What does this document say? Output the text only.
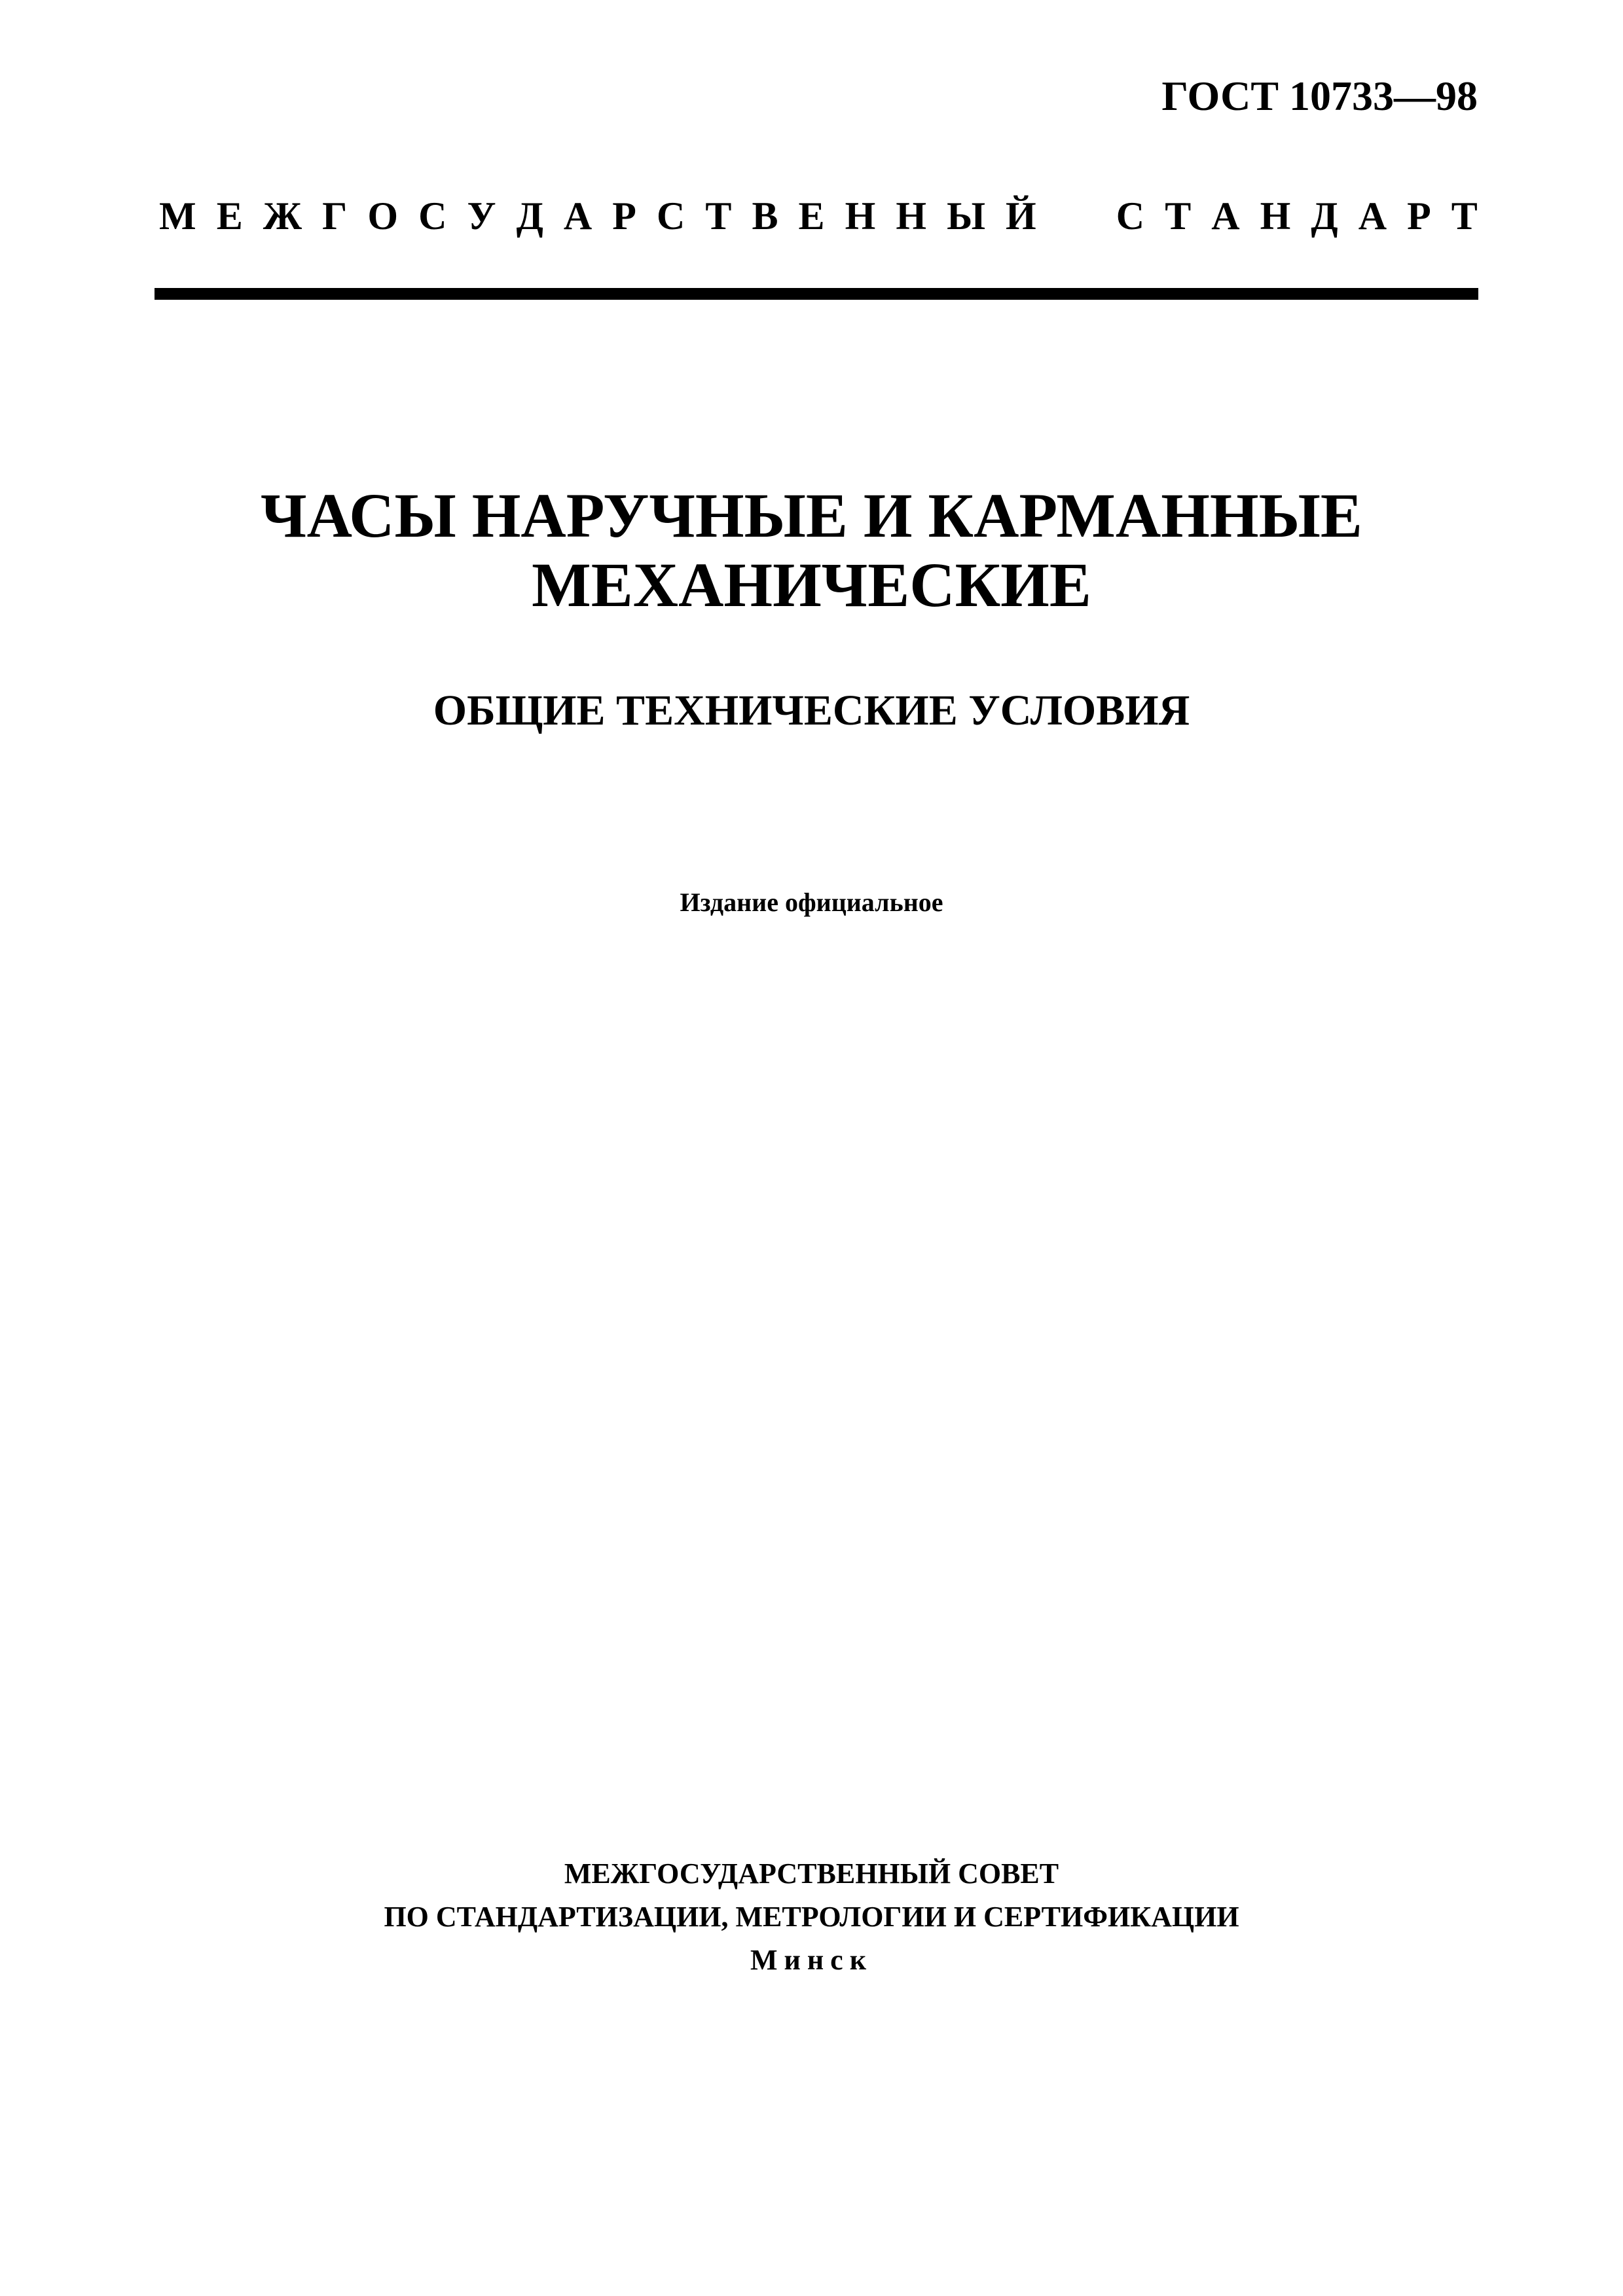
ГОСТ 10733—98
М Е Ж Г О С У Д А Р С Т В Е Н Н Ы Й С Т А Н Д А Р Т
ЧАСЫ НАРУЧНЫЕ И КАРМАННЫЕ
МЕХАНИЧЕСКИЕ
ОБЩИЕ ТЕХНИЧЕСКИЕ УСЛОВИЯ
Издание официальное
МЕЖГОСУДАРСТВЕННЫЙ СОВЕТ
ПО СТАНДАРТИЗАЦИИ, МЕТРОЛОГИИ И СЕРТИФИКАЦИИ
Минск
